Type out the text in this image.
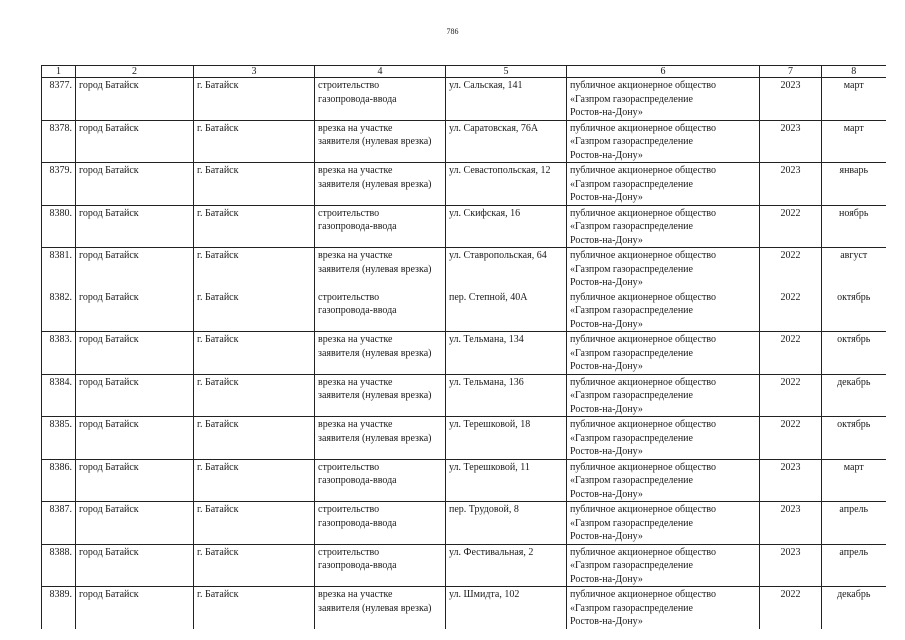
786
1	2	3	4	5	6	7	8
8377.	город Батайск	г. Батайск	строительство
газопровода-ввода	ул. Сальская, 141	публичное акционерное общество
«Газпром газораспределение
Ростов-на-Дону»	2023	март
8378.	город Батайск	г. Батайск	врезка на участке
заявителя (нулевая врезка)	ул. Саратовская, 76А	публичное акционерное общество
«Газпром газораспределение
Ростов-на-Дону»	2023	март
8379.	город Батайск	г. Батайск	врезка на участке
заявителя (нулевая врезка)	ул. Севастопольская, 12	публичное акционерное общество
«Газпром газораспределение
Ростов-на-Дону»	2023	январь
8380.	город Батайск	г. Батайск	строительство
газопровода-ввода	ул. Скифская, 16	публичное акционерное общество
«Газпром газораспределение
Ростов-на-Дону»	2022	ноябрь
8381.	город Батайск	г. Батайск	врезка на участке
заявителя (нулевая врезка)	ул. Ставропольская, 64	публичное акционерное общество
«Газпром газораспределение
Ростов-на-Дону»	2022	август
8382.	город Батайск	г. Батайск	строительство
газопровода-ввода	пер. Степной, 40А	публичное акционерное общество
«Газпром газораспределение
Ростов-на-Дону»	2022	октябрь
8383.	город Батайск	г. Батайск	врезка на участке
заявителя (нулевая врезка)	ул. Тельмана, 134	публичное акционерное общество
«Газпром газораспределение
Ростов-на-Дону»	2022	октябрь
8384.	город Батайск	г. Батайск	врезка на участке
заявителя (нулевая врезка)	ул. Тельмана, 136	публичное акционерное общество
«Газпром газораспределение
Ростов-на-Дону»	2022	декабрь
8385.	город Батайск	г. Батайск	врезка на участке
заявителя (нулевая врезка)	ул. Терешковой, 18	публичное акционерное общество
«Газпром газораспределение
Ростов-на-Дону»	2022	октябрь
8386.	город Батайск	г. Батайск	строительство
газопровода-ввода	ул. Терешковой, 11	публичное акционерное общество
«Газпром газораспределение
Ростов-на-Дону»	2023	март
8387.	город Батайск	г. Батайск	строительство
газопровода-ввода	пер. Трудовой, 8	публичное акционерное общество
«Газпром газораспределение
Ростов-на-Дону»	2023	апрель
8388.	город Батайск	г. Батайск	строительство
газопровода-ввода	ул. Фестивальная, 2	публичное акционерное общество
«Газпром газораспределение
Ростов-на-Дону»	2023	апрель
8389.	город Батайск	г. Батайск	врезка на участке
заявителя (нулевая врезка)	ул. Шмидта, 102	публичное акционерное общество
«Газпром газораспределение
Ростов-на-Дону»	2022	декабрь
